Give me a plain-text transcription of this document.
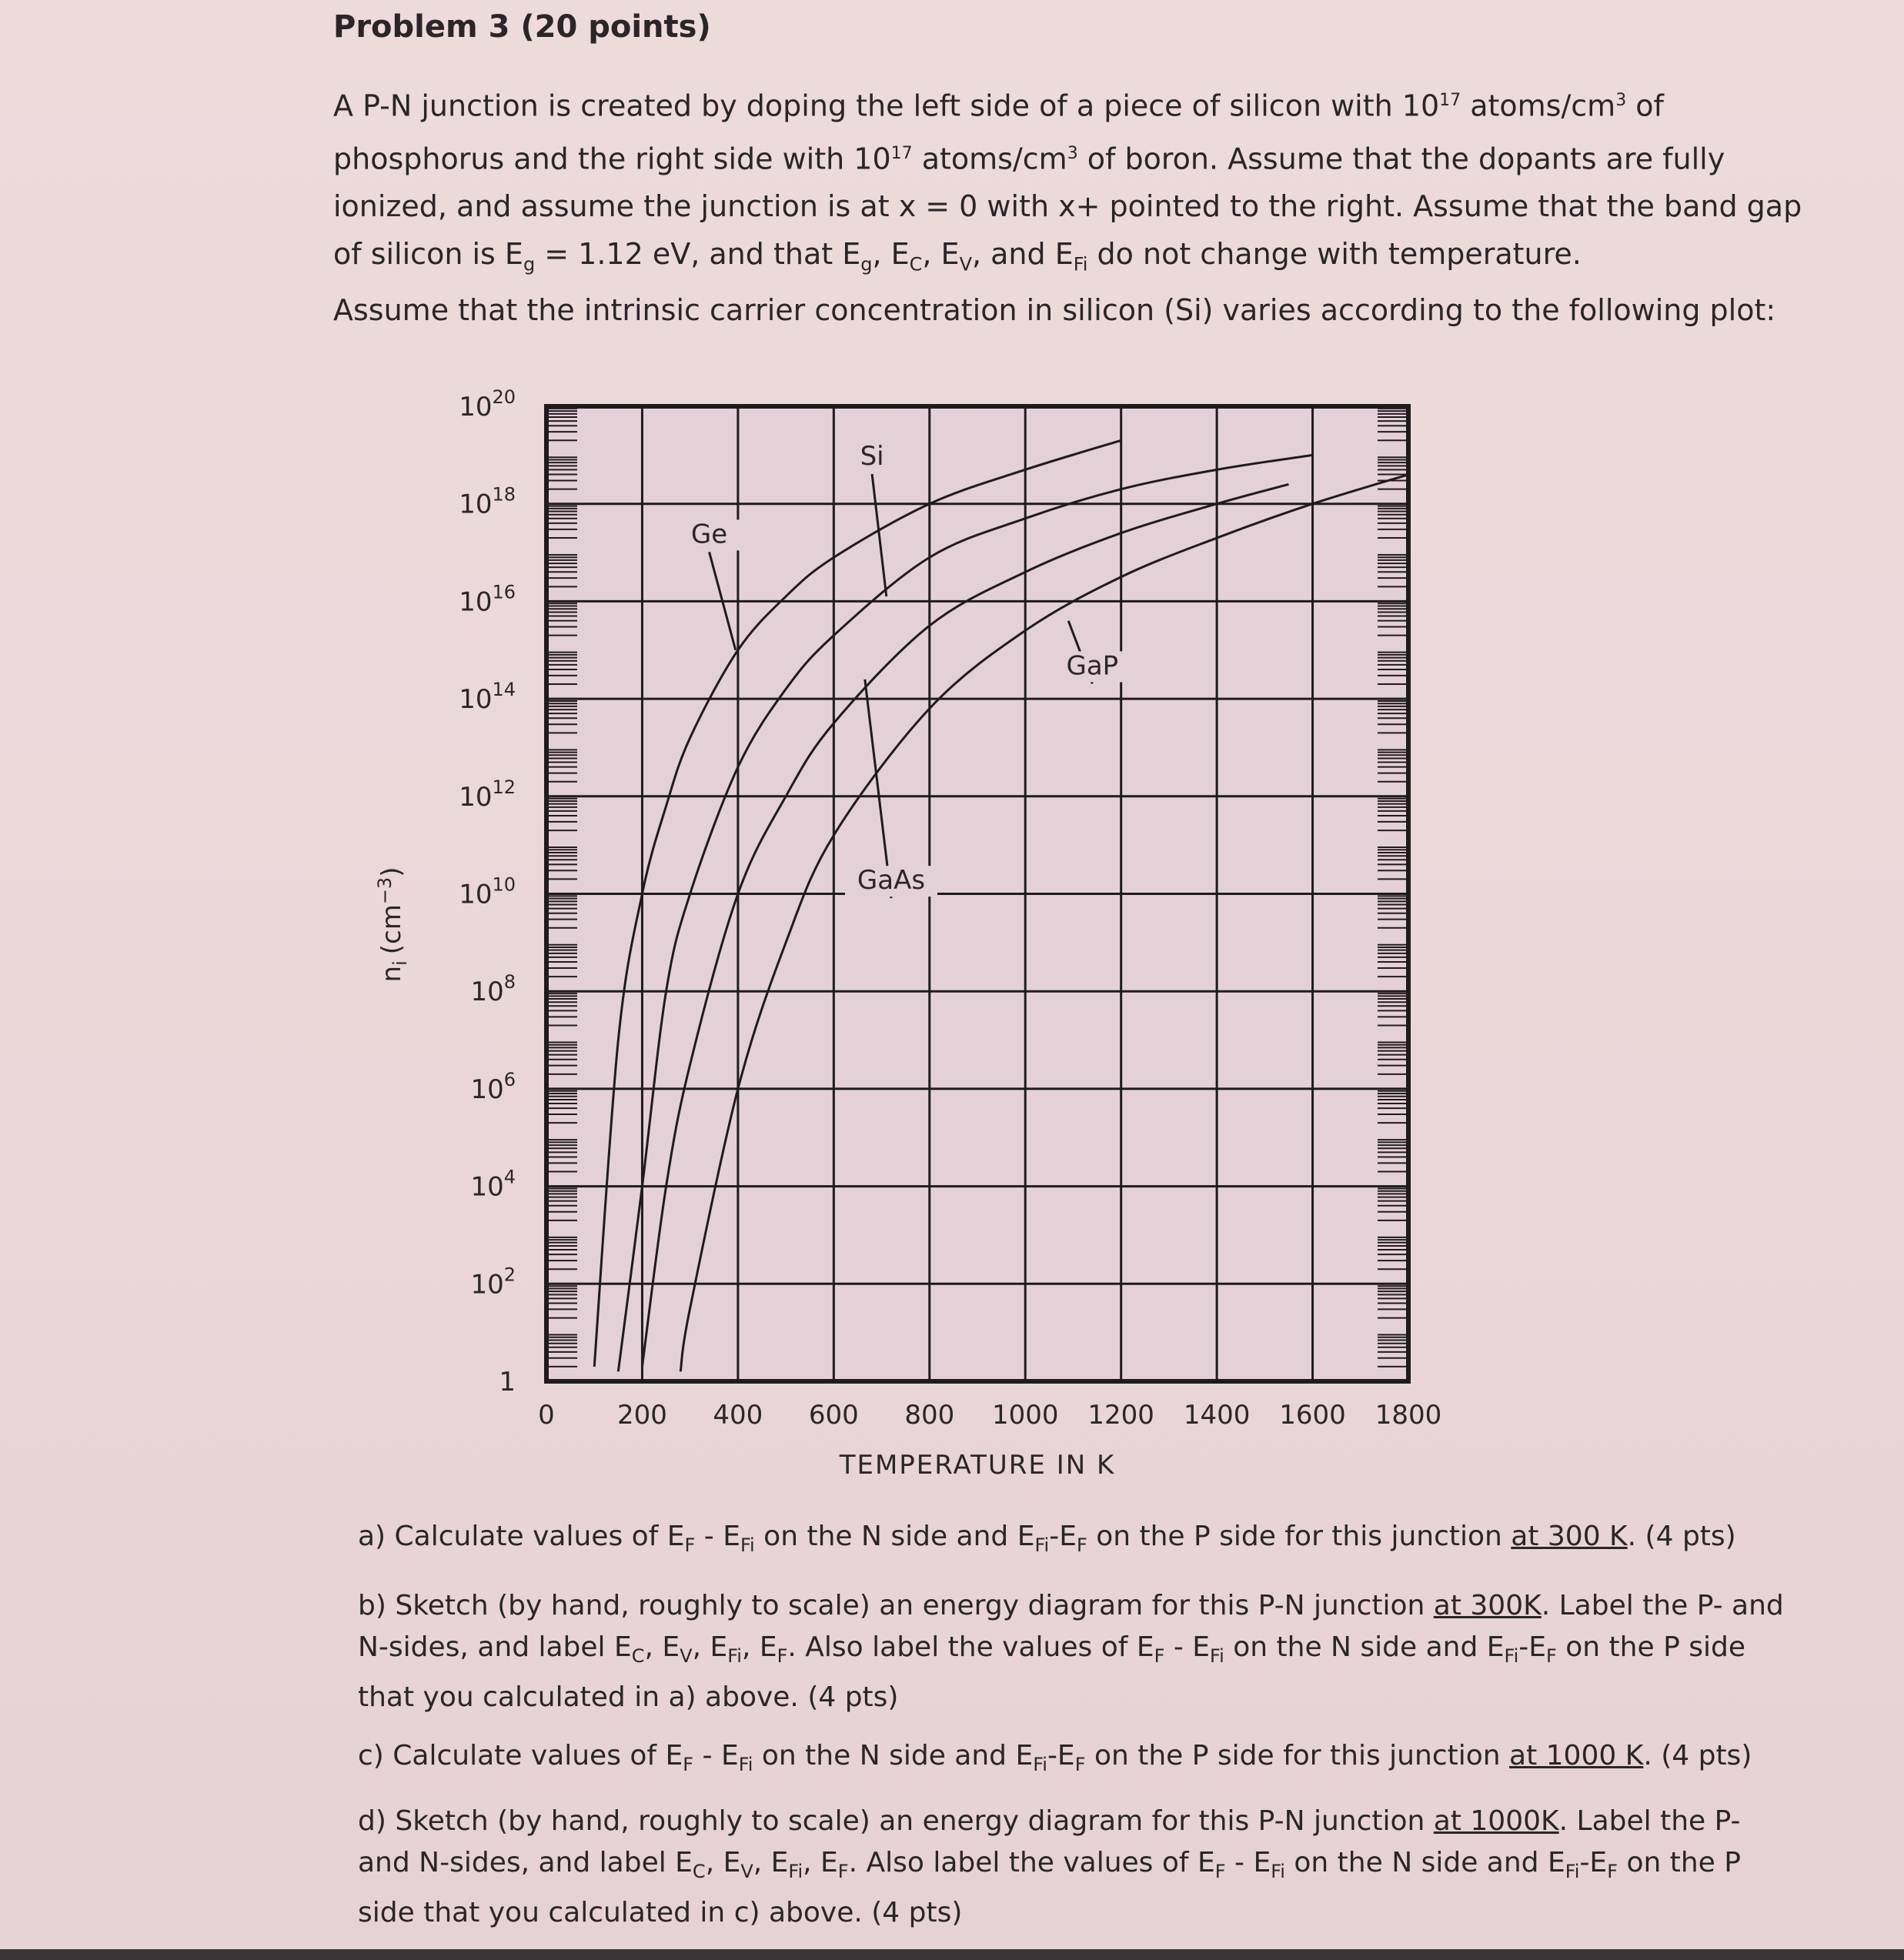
Problem 3 (20 points)

A P-N junction is created by doping the left side of a piece of silicon with $10^{17}$ atoms/$cm^3$ of phosphorus and the right side with $10^{17}$ atoms/$cm^3$ of boron. Assume that the dopants are fully ionized, and assume the junction is at x = 0 with x+ pointed to the right. Assume that the band gap of silicon is $E_g = 1.12$ eV, and that $E_g$, $E_C$, $E_V$, and $E_{Fi}$ do not change with temperature.

Assume that the intrinsic carrier concentration in silicon (Si) varies according to the following plot:

0 200 400 600 800 1000 1200 1400 1600 1800
1
$10^2$
$10^4$
$10^6$
$10^8$
$10^{10}$
$10^{12}$
$10^{14}$
$10^{16}$
$10^{18}$
$10^{20}$
Ge
Si
GaAs
GaP
TEMPERATURE IN K
$n_i(cm^{-3})$

a) Calculate values of $E_F - E_{Fi}$ on the N side and $E_{Fi}-E_F$ on the P side for this junction at 300 K. (4 pts)

b) Sketch (by hand, roughly to scale) an energy diagram for this P-N junction at 300K. Label the P- and N-sides, and label $E_C$, $E_V$, $E_{Fi}$, $E_F$. Also label the values of $E_F - E_{Fi}$ on the N side and $E_{Fi}-E_F$ on the P side that you calculated in a) above. (4 pts)

c) Calculate values of $E_F - E_{Fi}$ on the N side and $E_{Fi}-E_F$ on the P side for this junction at 1000 K. (4 pts)

d) Sketch (by hand, roughly to scale) an energy diagram for this P-N junction at 1000K. Label the P- and N-sides, and label $E_C$, $E_V$, $E_{Fi}$, $E_F$. Also label the values of $E_F - E_{Fi}$ on the N side and $E_{Fi}-E_F$ on the P side that you calculated in c) above. (4 pts)
